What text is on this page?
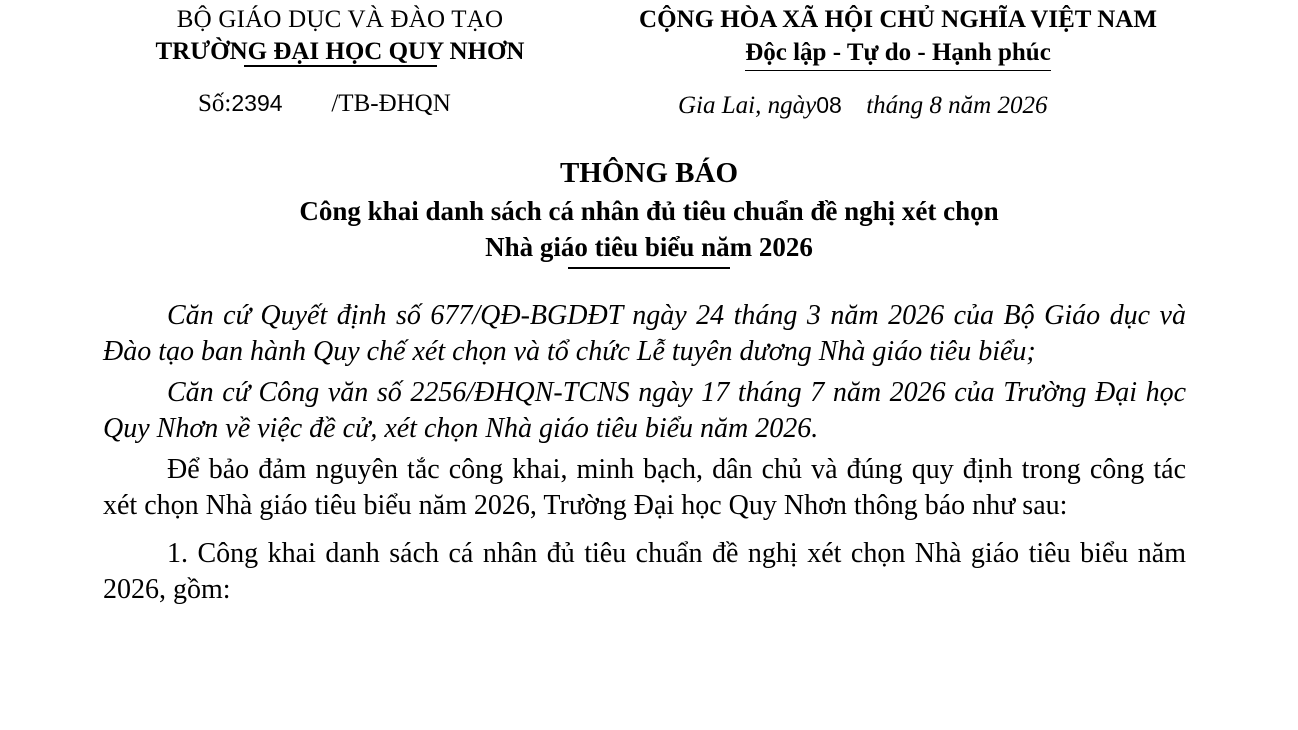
BỘ GIÁO DỤC VÀ ĐÀO TẠO
TRƯỜNG ĐẠI HỌC QUY NHƠN
Số:2394 /TB-ĐHQN
CỘNG HÒA XÃ HỘI CHỦ NGHĨA VIỆT NAM
Độc lập - Tự do - Hạnh phúc
Gia Lai, ngày08 tháng 8 năm 2026
THÔNG BÁO
Công khai danh sách cá nhân đủ tiêu chuẩn đề nghị xét chọn
Nhà giáo tiêu biểu năm 2026

Căn cứ Quyết định số 677/QĐ-BGDĐT ngày 24 tháng 3 năm 2026 của Bộ Giáo dục và Đào tạo ban hành Quy chế xét chọn và tổ chức Lễ tuyên dương Nhà giáo tiêu biểu;

Căn cứ Công văn số 2256/ĐHQN-TCNS ngày 17 tháng 7 năm 2026 của Trường Đại học Quy Nhơn về việc đề cử, xét chọn Nhà giáo tiêu biểu năm 2026.

Để bảo đảm nguyên tắc công khai, minh bạch, dân chủ và đúng quy định trong công tác xét chọn Nhà giáo tiêu biểu năm 2026, Trường Đại học Quy Nhơn thông báo như sau:

1. Công khai danh sách cá nhân đủ tiêu chuẩn đề nghị xét chọn Nhà giáo tiêu biểu năm 2026, gồm:
